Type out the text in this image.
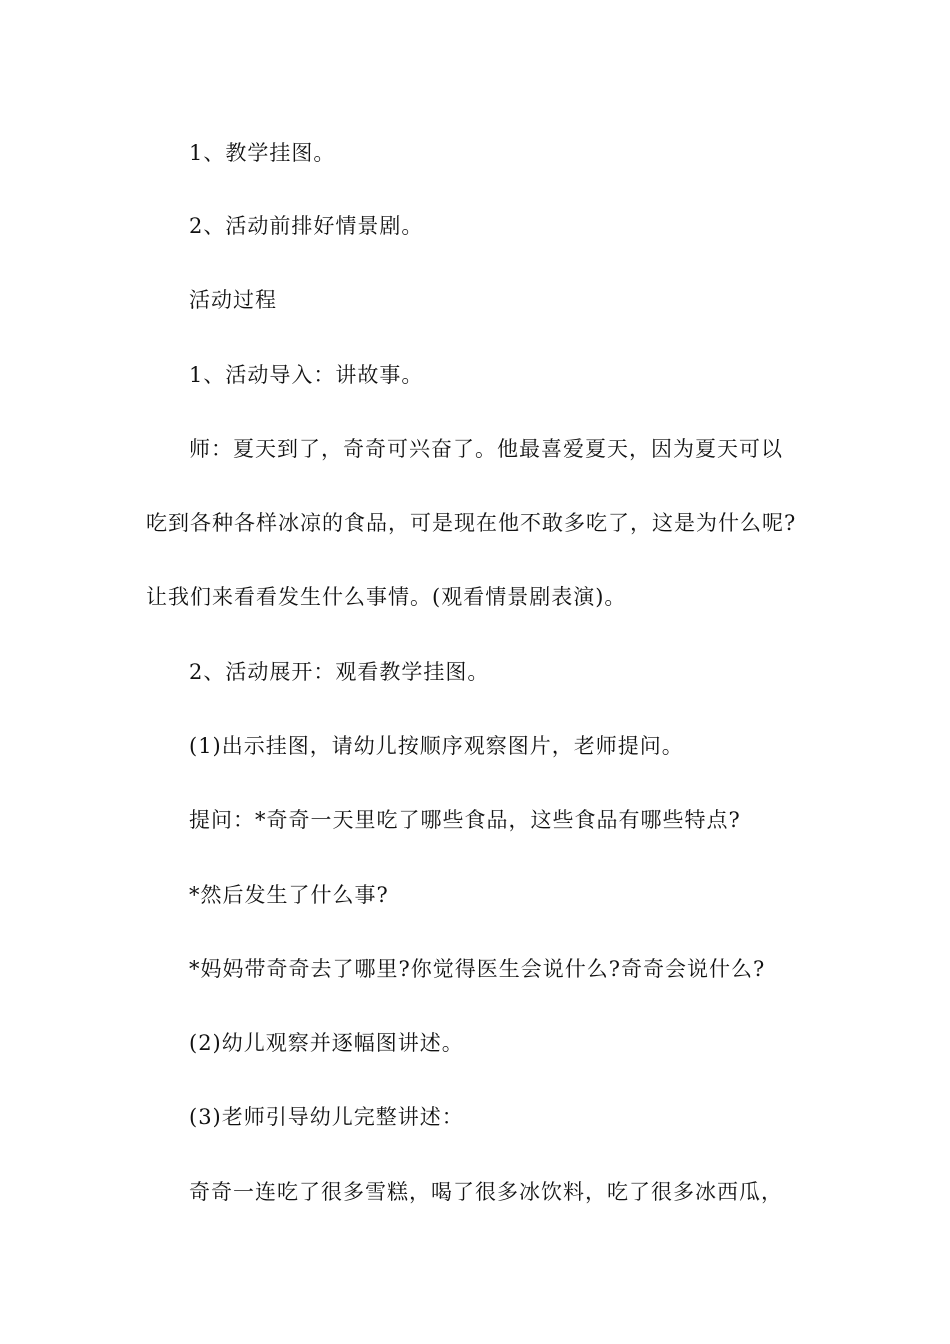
1、教学挂图。
2、活动前排好情景剧。
活动过程
1、活动导入：讲故事。
师：夏天到了，奇奇可兴奋了。他最喜爱夏天，因为夏天可以
吃到各种各样冰凉的食品，可是现在他不敢多吃了，这是为什么呢?
让我们来看看发生什么事情。(观看情景剧表演)。
2、活动展开：观看教学挂图。
(1)出示挂图，请幼儿按顺序观察图片，老师提问。
提问：*奇奇一天里吃了哪些食品，这些食品有哪些特点?
*然后发生了什么事?
*妈妈带奇奇去了哪里?你觉得医生会说什么?奇奇会说什么?
(2)幼儿观察并逐幅图讲述。
(3)老师引导幼儿完整讲述：
奇奇一连吃了很多雪糕，喝了很多冰饮料，吃了很多冰西瓜，
